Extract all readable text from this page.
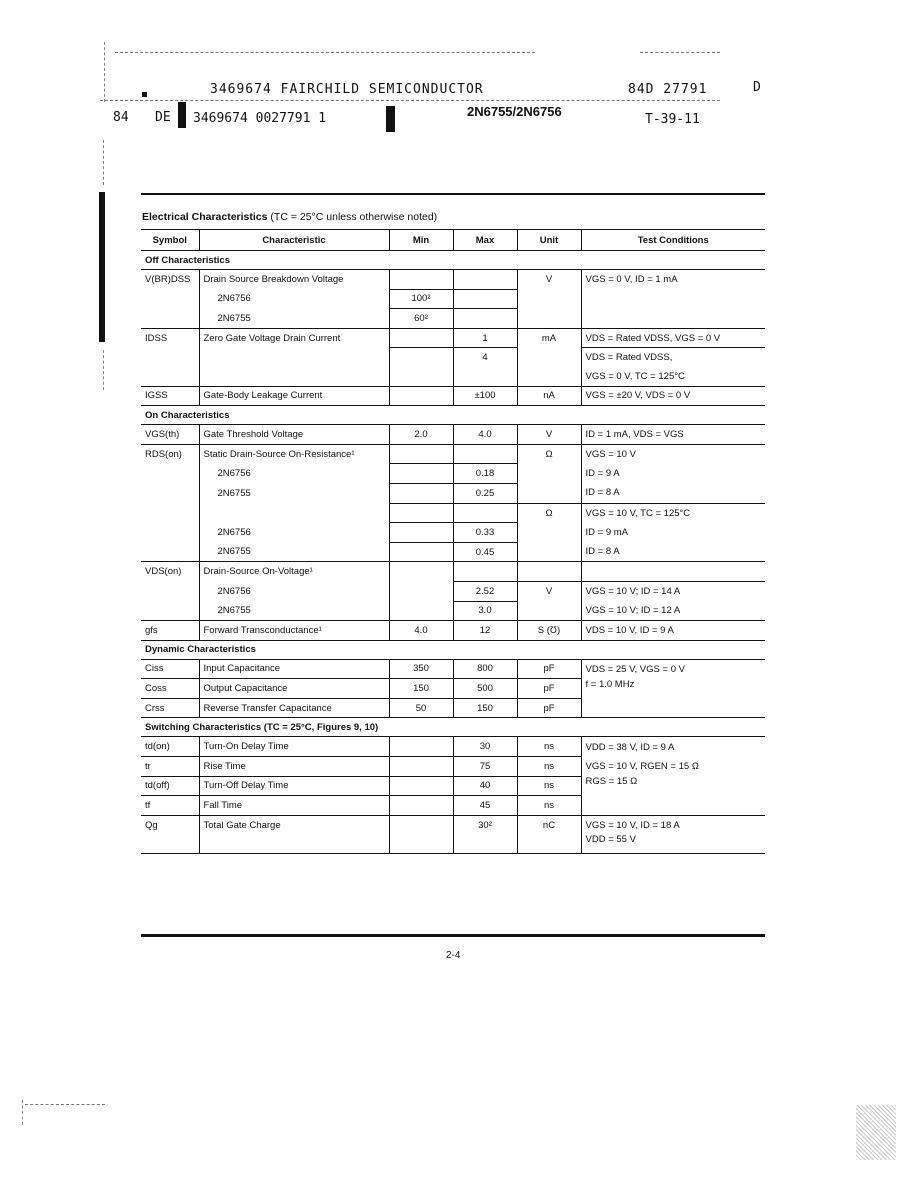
3469674 FAIRCHILD SEMICONDUCTOR	84D 27791	D
84 DE 3469674 0027791 1	2N6755/2N6756
T-39-11
Electrical Characteristics (TC = 25°C unless otherwise noted)
Symbol	Characteristic	Min	Max	Unit	Test Conditions
Off Characteristics					
V(BR)DSS	Drain Source Breakdown Voltage			V	VGS = 0 V, ID = 1 mA
	2N6756	100²			
	2N6755	60²			
IDSS	Zero Gate Voltage Drain Current		1	mA	VDS = Rated VDSS, VGS = 0 V
			4		VDS = Rated VDSS,
					VGS = 0 V, TC = 125°C
IGSS	Gate-Body Leakage Current		±100	nA	VGS = ±20 V, VDS = 0 V
On Characteristics					
VGS(th)	Gate Threshold Voltage	2.0	4.0	V	ID = 1 mA, VDS = VGS
RDS(on)	Static Drain-Source On-Resistance¹			Ω	VGS = 10 V
	2N6756		0.18		ID = 9 A
	2N6755		0.25		ID = 8 A
				Ω	VGS = 10 V, TC = 125°C
	2N6756		0.33		ID = 9 mA
	2N6755		0.45		ID = 8 A
VDS(on)	Drain-Source On-Voltage¹				
	2N6756		2.52	V	VGS = 10 V; ID = 14 A
	2N6755		3.0		VGS = 10 V; ID = 12 A
gfs	Forward Transconductance¹	4.0	12	S (Ʊ)	VDS = 10 V, ID = 9 A
Dynamic Characteristics					
Ciss	Input Capacitance	350	800	pF	VDS = 25 V, VGS = 0 V
Coss	Output Capacitance	150	500	pF	f = 1.0 MHz
Crss	Reverse Transfer Capacitance	50	150	pF	
Switching Characteristics (TC = 25°C, Figures 9, 10)					
td(on)	Turn-On Delay Time		30	ns	VDD = 38 V, ID = 9 A
tr	Rise Time		75	ns	VGS = 10 V, RGEN = 15 Ω
td(off)	Turn-Off Delay Time		40	ns	RGS = 15 Ω
tf	Fall Time		45	ns	
Qg	Total Gate Charge		30²	nC	VGS = 10 V, ID = 18 A
					VDD = 55 V
2-4
